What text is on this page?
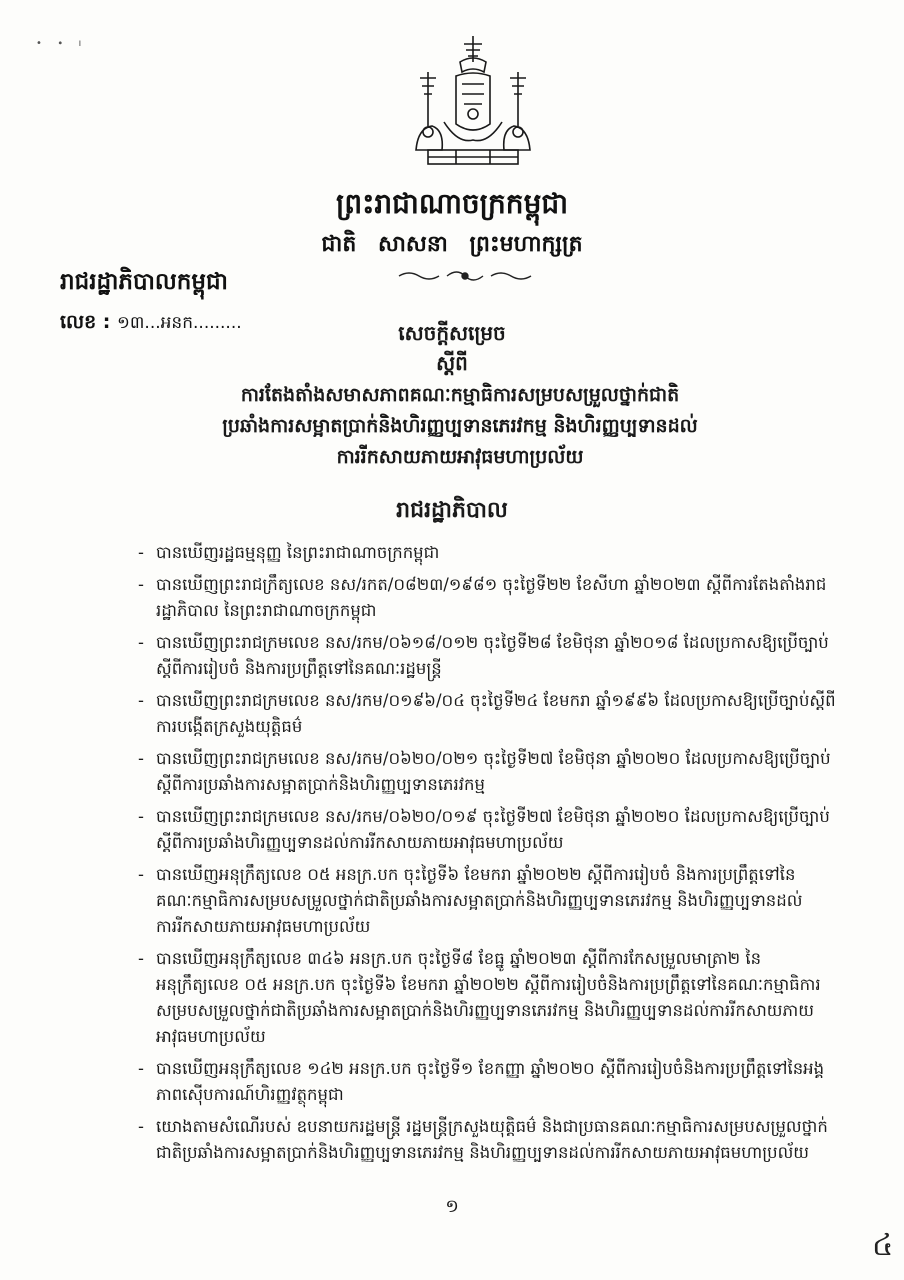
• ∙ ı
ព្រះរាជាណាចក្រកម្ពុជា
ជាតិ សាសនា ព្រះមហាក្សត្រ
រាជរដ្ឋាភិបាលកម្ពុជា
លេខ : ១៣...អនក.........	សេចក្ដីសម្រេច
ស្ដីពី
ការតែងតាំងសមាសភាពគណៈកម្មាធិការសម្របសម្រួលថ្នាក់ជាតិ
ប្រឆាំងការសម្អាតប្រាក់និងហិរញ្ញប្បទានភេរវកម្ម និងហិរញ្ញប្បទានដល់
ការរីកសាយភាយអាវុធមហាប្រល័យ
រាជរដ្ឋាភិបាល
- បានឃើញរដ្ឋធម្មនុញ្ញ នៃព្រះរាជាណាចក្រកម្ពុជា
- បានឃើញព្រះរាជក្រឹត្យលេខ នស/រកត/០៨២៣/១៩៨១ ចុះថ្ងៃទី២២ ខែសីហា ឆ្នាំ២០២៣ ស្ដីពីការតែងតាំងរាជរដ្ឋាភិបាល នៃព្រះរាជាណាចក្រកម្ពុជា
- បានឃើញព្រះរាជក្រមលេខ នស/រកម/០៦១៨/០១២ ចុះថ្ងៃទី២៨ ខែមិថុនា ឆ្នាំ២០១៨ ដែលប្រកាសឱ្យប្រើច្បាប់ស្ដីពីការរៀបចំ និងការប្រព្រឹត្តទៅនៃគណៈរដ្ឋមន្ត្រី
- បានឃើញព្រះរាជក្រមលេខ នស/រកម/០១៩៦/០៤ ចុះថ្ងៃទី២៤ ខែមករា ឆ្នាំ១៩៩៦ ដែលប្រកាសឱ្យប្រើច្បាប់ស្ដីពីការបង្កើតក្រសួងយុត្តិធម៌
- បានឃើញព្រះរាជក្រមលេខ នស/រកម/០៦២០/០២១ ចុះថ្ងៃទី២៧ ខែមិថុនា ឆ្នាំ២០២០ ដែលប្រកាសឱ្យប្រើច្បាប់ស្ដីពីការប្រឆាំងការសម្អាតប្រាក់និងហិរញ្ញប្បទានភេរវកម្ម
- បានឃើញព្រះរាជក្រមលេខ នស/រកម/០៦២០/០១៩ ចុះថ្ងៃទី២៧ ខែមិថុនា ឆ្នាំ២០២០ ដែលប្រកាសឱ្យប្រើច្បាប់ស្ដីពីការប្រឆាំងហិរញ្ញប្បទានដល់ការរីកសាយភាយអាវុធមហាប្រល័យ
- បានឃើញអនុក្រឹត្យលេខ ០៥ អនក្រ.បក ចុះថ្ងៃទី៦ ខែមករា ឆ្នាំ២០២២ ស្ដីពីការរៀបចំ និងការប្រព្រឹត្តទៅនៃគណៈកម្មាធិការសម្របសម្រួលថ្នាក់ជាតិប្រឆាំងការសម្អាតប្រាក់និងហិរញ្ញប្បទានភេរវកម្ម និងហិរញ្ញប្បទានដល់ការរីកសាយភាយអាវុធមហាប្រល័យ
- បានឃើញអនុក្រឹត្យលេខ ៣៤៦ អនក្រ.បក ចុះថ្ងៃទី៨ ខែធ្នូ ឆ្នាំ២០២៣ ស្ដីពីការកែសម្រួលមាត្រា២ នៃអនុក្រឹត្យលេខ ០៥ អនក្រ.បក ចុះថ្ងៃទី៦ ខែមករា ឆ្នាំ២០២២ ស្ដីពីការរៀបចំនិងការប្រព្រឹត្តទៅនៃគណៈកម្មាធិការសម្របសម្រួលថ្នាក់ជាតិប្រឆាំងការសម្អាតប្រាក់និងហិរញ្ញប្បទានភេរវកម្ម និងហិរញ្ញប្បទានដល់ការរីកសាយភាយអាវុធមហាប្រល័យ
- បានឃើញអនុក្រឹត្យលេខ ១៤២ អនក្រ.បក ចុះថ្ងៃទី១ ខែកញ្ញា ឆ្នាំ២០២០ ស្ដីពីការរៀបចំនិងការប្រព្រឹត្តទៅនៃអង្គភាពស៊ើបការណ៍ហិរញ្ញវត្ថុកម្ពុជា
- យោងតាមសំណើរបស់ ឧបនាយករដ្ឋមន្ត្រី រដ្ឋមន្ត្រីក្រសួងយុត្តិធម៌ និងជាប្រធានគណៈកម្មាធិការសម្របសម្រួលថ្នាក់ជាតិប្រឆាំងការសម្អាតប្រាក់និងហិរញ្ញប្បទានភេរវកម្ម និងហិរញ្ញប្បទានដល់ការរីកសាយភាយអាវុធមហាប្រល័យ
១
៤
